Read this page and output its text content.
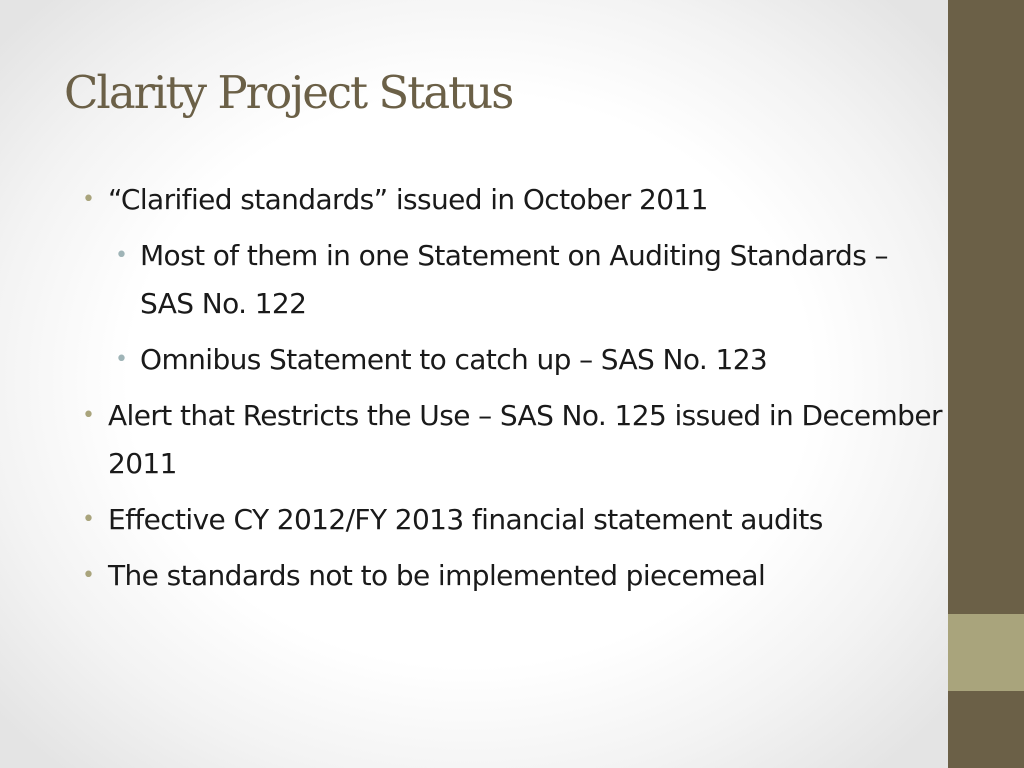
Clarity Project Status
• “Clarified standards” issued in October 2011
• Most of them in one Statement on Auditing Standards – SAS No. 122
• Omnibus Statement to catch up – SAS No. 123
• Alert that Restricts the Use – SAS No. 125 issued in December 2011
• Effective CY 2012/FY 2013 financial statement audits
• The standards not to be implemented piecemeal
